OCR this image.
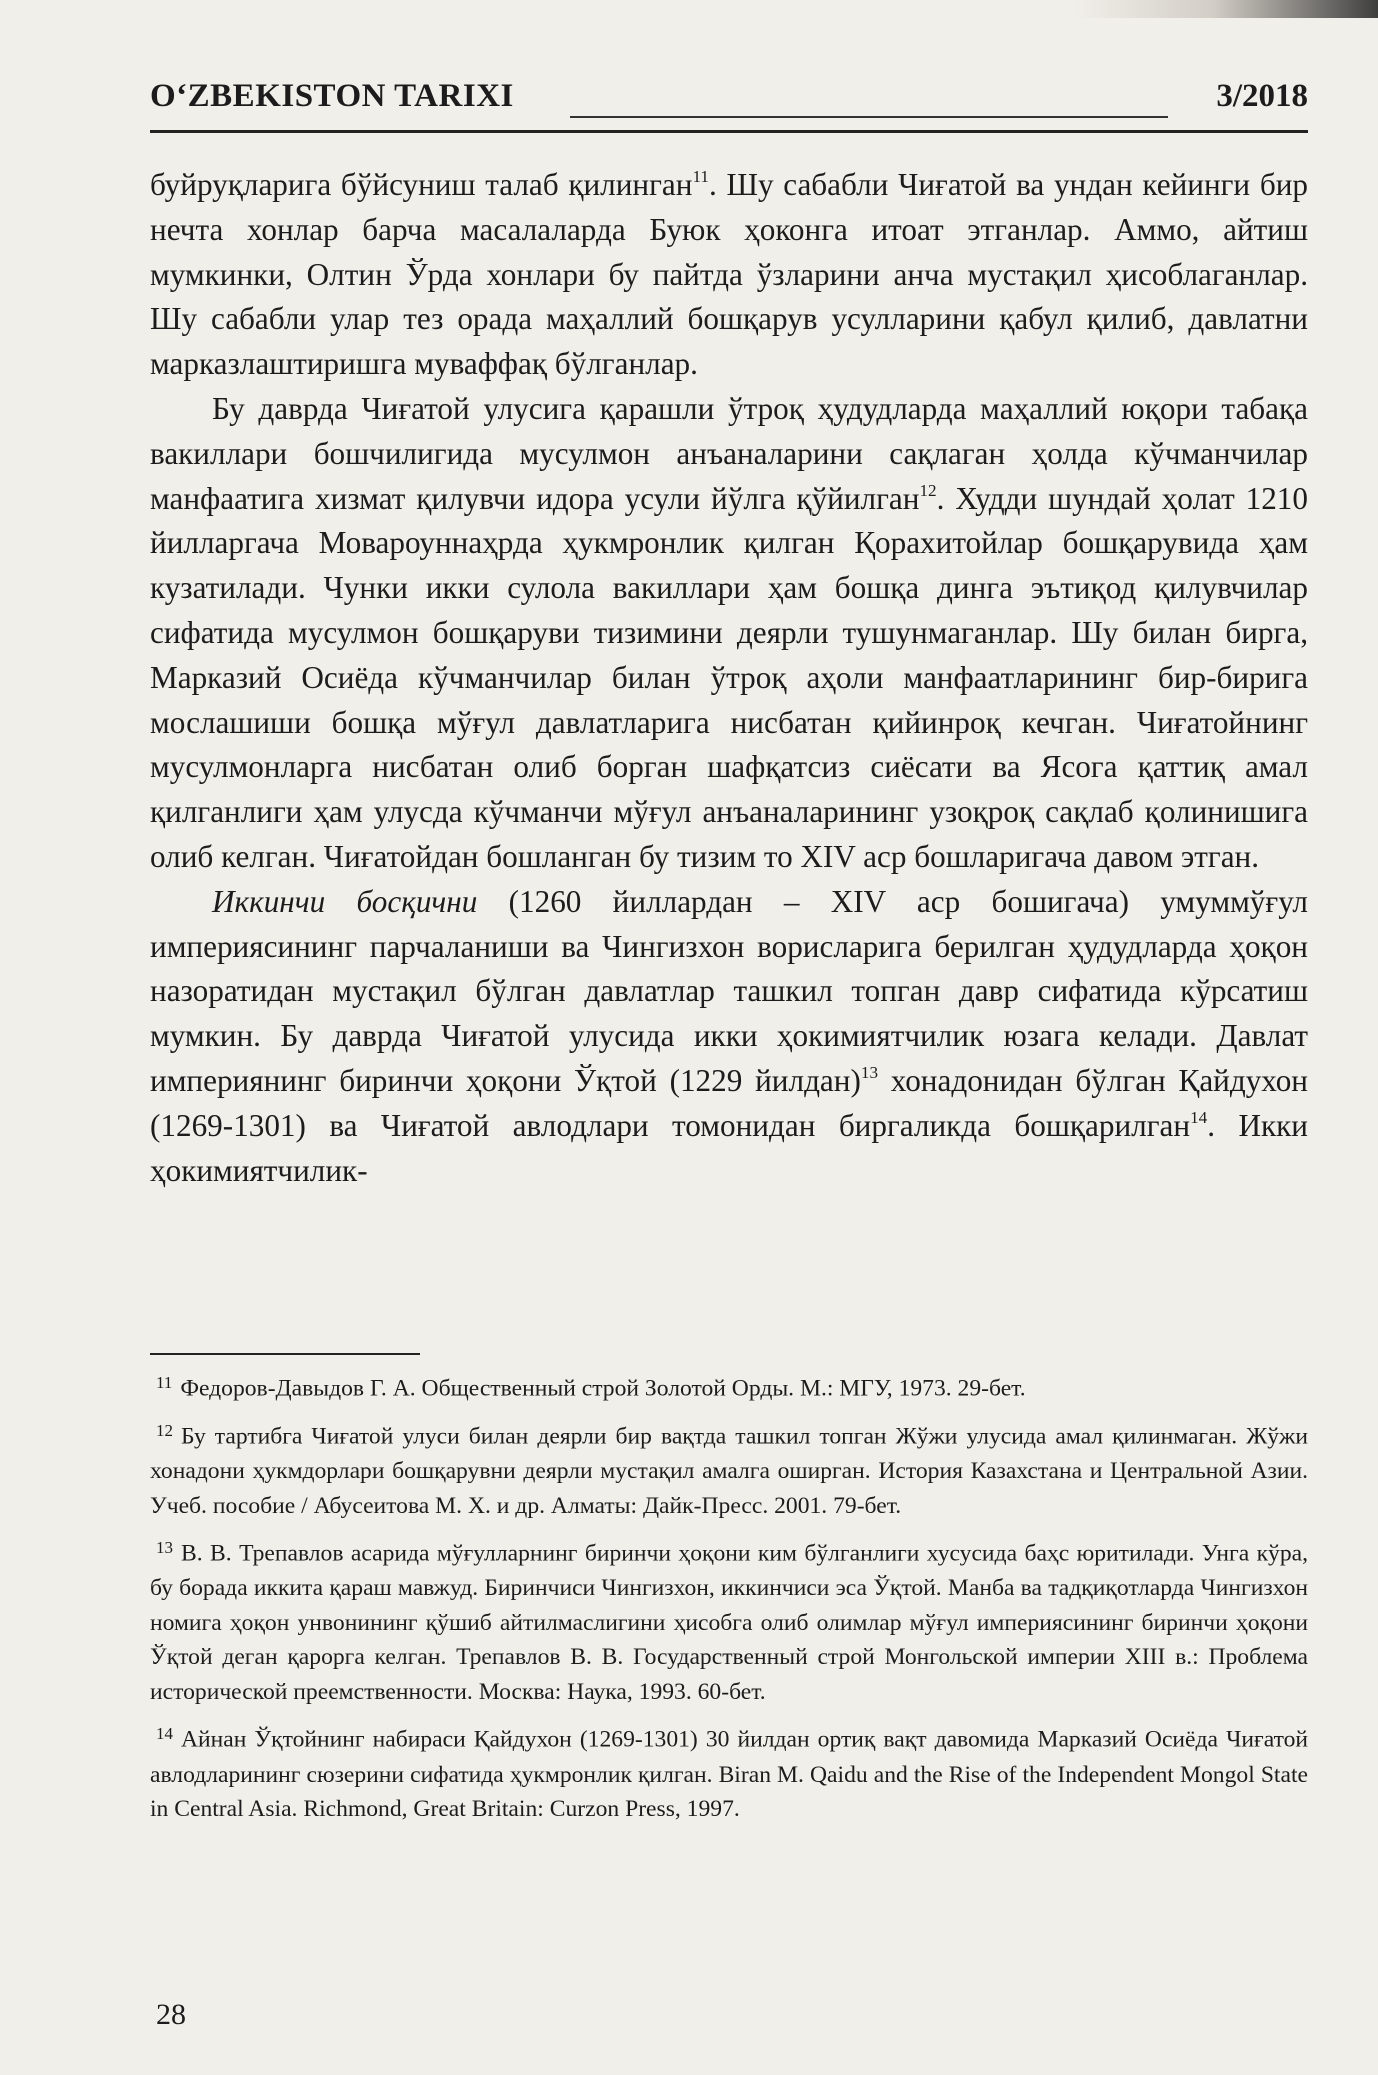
O‘ZBEKISTON TARIXI	3/2018

буйруқларига бўйсуниш талаб қилинган$^{11}$. Шу сабабли Чиғатой ва ундан кейинги бир нечта хонлар барча масалаларда Буюк ҳоконга итоат этганлар. Аммо, айтиш мумкинки, Олтин Ўрда хонлари бу пайтда ўзларини анча мустақил ҳисоблаганлар. Шу сабабли улар тез орада маҳаллий бошқарув усулларини қабул қилиб, давлатни марказлаштиришга муваффақ бўлганлар.

Бу даврда Чиғатой улусига қарашли ўтроқ ҳудудларда маҳаллий юқори табақа вакиллари бошчилигида мусулмон анъаналарини сақлаган ҳолда кўчманчилар манфаатига хизмат қилувчи идора усули йўлга қўйилган$^{12}$. Худди шундай ҳолат 1210 йилларгача Мовароуннаҳрда ҳукмронлик қилган Қорахитойлар бошқарувида ҳам кузатилади. Чунки икки сулола вакиллари ҳам бошқа динга эътиқод қилувчилар сифатида мусулмон бошқаруви тизимини деярли тушунмаганлар. Шу билан бирга, Марказий Осиёда кўчманчилар билан ўтроқ аҳоли манфаатларининг бир-бирига мослашиши бошқа мўғул давлатларига нисбатан қийинроқ кечган. Чиғатойнинг мусулмонларга нисбатан олиб борган шафқатсиз сиёсати ва Ясога қаттиқ амал қилганлиги ҳам улусда кўчманчи мўғул анъаналарининг узоқроқ сақлаб қолинишига олиб келган. Чиғатойдан бошланган бу тизим то XIV аср бошларигача давом этган.

Иккинчи босқични (1260 йиллардан – XIV аср бошигача) умуммўғул империясининг парчаланиши ва Чингизхон ворисларига берилган ҳудудларда ҳоқон назоратидан мустақил бўлган давлатлар ташкил топган давр сифатида кўрсатиш мумкин. Бу даврда Чиғатой улусида икки ҳокимиятчилик юзага келади. Давлат империянинг биринчи ҳоқони Ўқтой (1229 йилдан)$^{13}$ хонадонидан бўлган Қайдухон (1269-1301) ва Чиғатой авлодлари томонидан биргаликда бошқарилган$^{14}$. Икки ҳокимиятчилик-

$^{11}$ Федоров-Давыдов Г. А. Общественный строй Золотой Орды. М.: МГУ, 1973. 29-бет.

$^{12}$ Бу тартибга Чиғатой улуси билан деярли бир вақтда ташкил топган Жўжи улусида амал қилинмаган. Жўжи хонадони ҳукмдорлари бошқарувни деярли мустақил амалга оширган. История Казахстана и Центральной Азии. Учеб. пособие / Абусеитова М. Х. и др. Алматы: Дайк-Пресс. 2001. 79-бет.

$^{13}$ В. В. Трепавлов асарида мўғулларнинг биринчи ҳоқони ким бўлганлиги хусусида баҳс юритилади. Унга кўра, бу борада иккита қараш мавжуд. Биринчиси Чингизхон, иккинчиси эса Ўқтой. Манба ва тадқиқотларда Чингизхон номига ҳоқон унвонининг қўшиб айтилмаслигини ҳисобга олиб олимлар мўғул империясининг биринчи ҳоқони Ўқтой деган қарорга келган. Трепавлов В. В. Государственный строй Монгольской империи XIII в.: Проблема исторической преемственности. Москва: Наука, 1993. 60-бет.

$^{14}$ Айнан Ўқтойнинг набираси Қайдухон (1269-1301) 30 йилдан ортиқ вақт давомида Марказий Осиёда Чиғатой авлодларининг сюзерини сифатида ҳукмронлик қилган. Biran M. Qaidu and the Rise of the Independent Mongol State in Central Asia. Richmond, Great Britain: Curzon Press, 1997.

28
